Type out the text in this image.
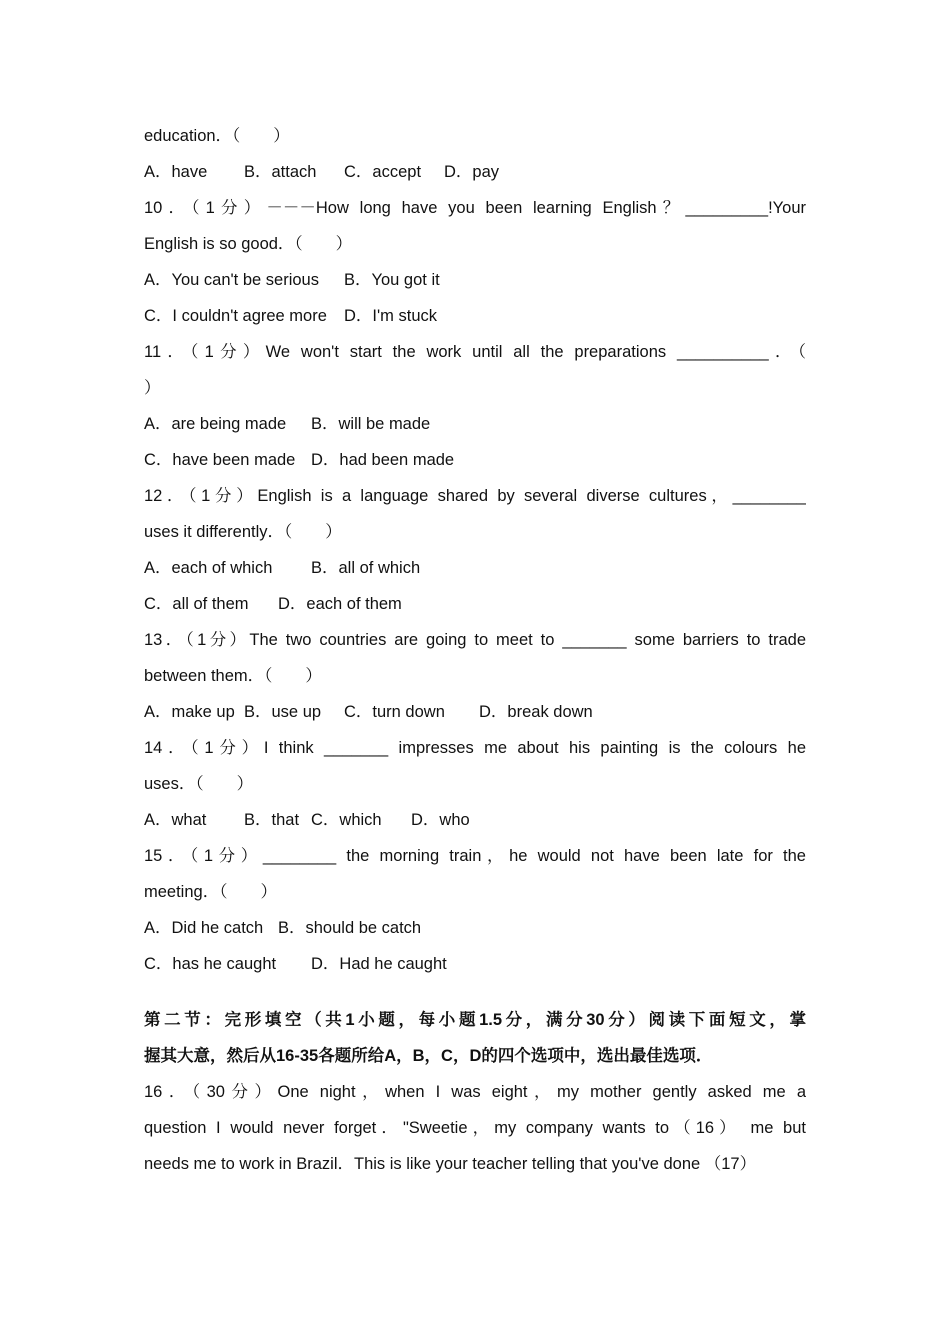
education．（　　）
A．have B．attach C．accept D．pay
10．（1分）－－－How long have you been learning English？_________!Your
English is so good．（　　）
A．You can't be serious B．You got it
C．I couldn't agree more D．I'm stuck
11．（1分）We won't start the work until all the preparations __________．（
）
A．are being made B．will be made
C．have been made D．had been made
12．（1分）English is a language shared by several diverse cultures，________
uses it differently．（　　）
A．each of which B．all of which
C．all of them D．each of them
13．（1分）The two countries are going to meet to _______ some barriers to trade
between them．（　　）
A．make up B．use up C．turn down D．break down
14．（1分）I think _______ impresses me about his painting is the colours he
uses．（　　）
A．what B．that C．which D．who
15．（1分）________ the morning train，he would not have been late for the
meeting．（　　）
A．Did he catch B．should be catch
C．has he caught D．Had he caught
第二节：完形填空（共1小题，每小题1.5分，满分30分）阅读下面短文，掌
握其大意，然后从16-35各题所给A，B，C，D的四个选项中，选出最佳选项．
16．（30分）One night，when I was eight，my mother gently asked me a
question I would never forget．"Sweetie，my company wants to（16） me but
needs me to work in Brazil．This is like your teacher telling that you've done （17）
